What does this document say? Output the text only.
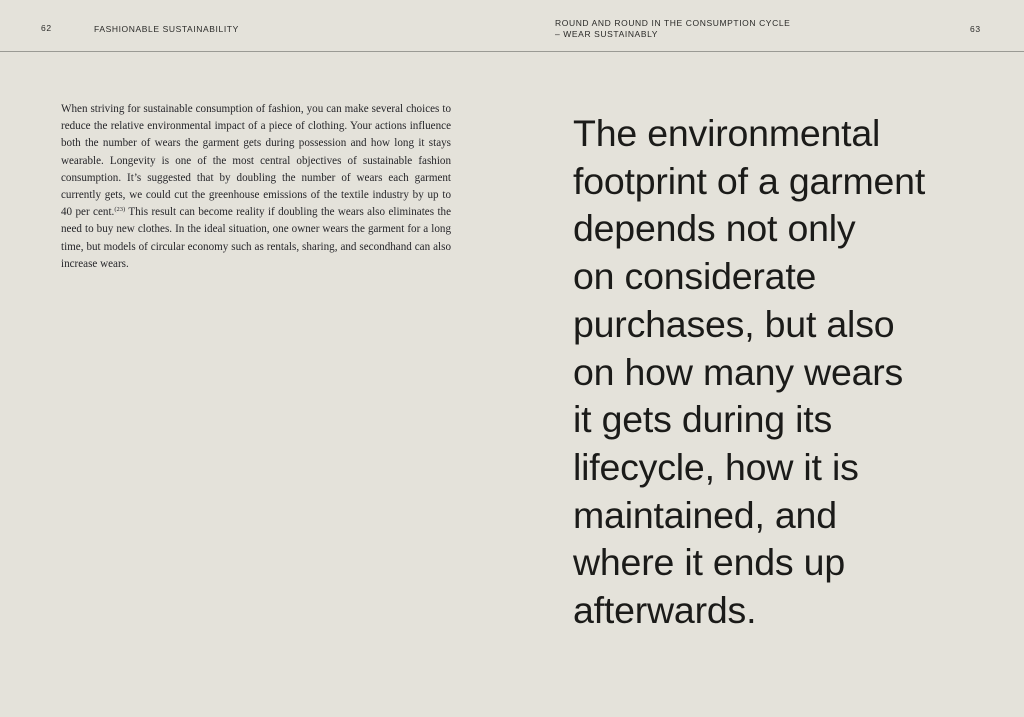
62	FASHIONABLE SUSTAINABILITY
ROUND AND ROUND IN THE CONSUMPTION CYCLE
– WEAR SUSTAINABLY	63
When striving for sustainable consumption of fashion, you can make several choices to reduce the relative environmental impact of a piece of clothing. Your actions influence both the number of wears the garment gets during possession and how long it stays wearable. Longevity is one of the most central objectives of sustainable fashion consumption. It’s suggested that by doubling the number of wears each garment currently gets, we could cut the greenhouse emissions of the textile industry by up to 40 per cent.$^{(23)}$ This result can become reality if doubling the wears also eliminates the need to buy new clothes. In the ideal situation, one owner wears the garment for a long time, but models of circular economy such as rentals, sharing, and secondhand can also increase wears.
The environmental
footprint of a garment
depends not only
on considerate
purchases, but also
on how many wears
it gets during its
lifecycle, how it is
maintained, and
where it ends up
afterwards.
